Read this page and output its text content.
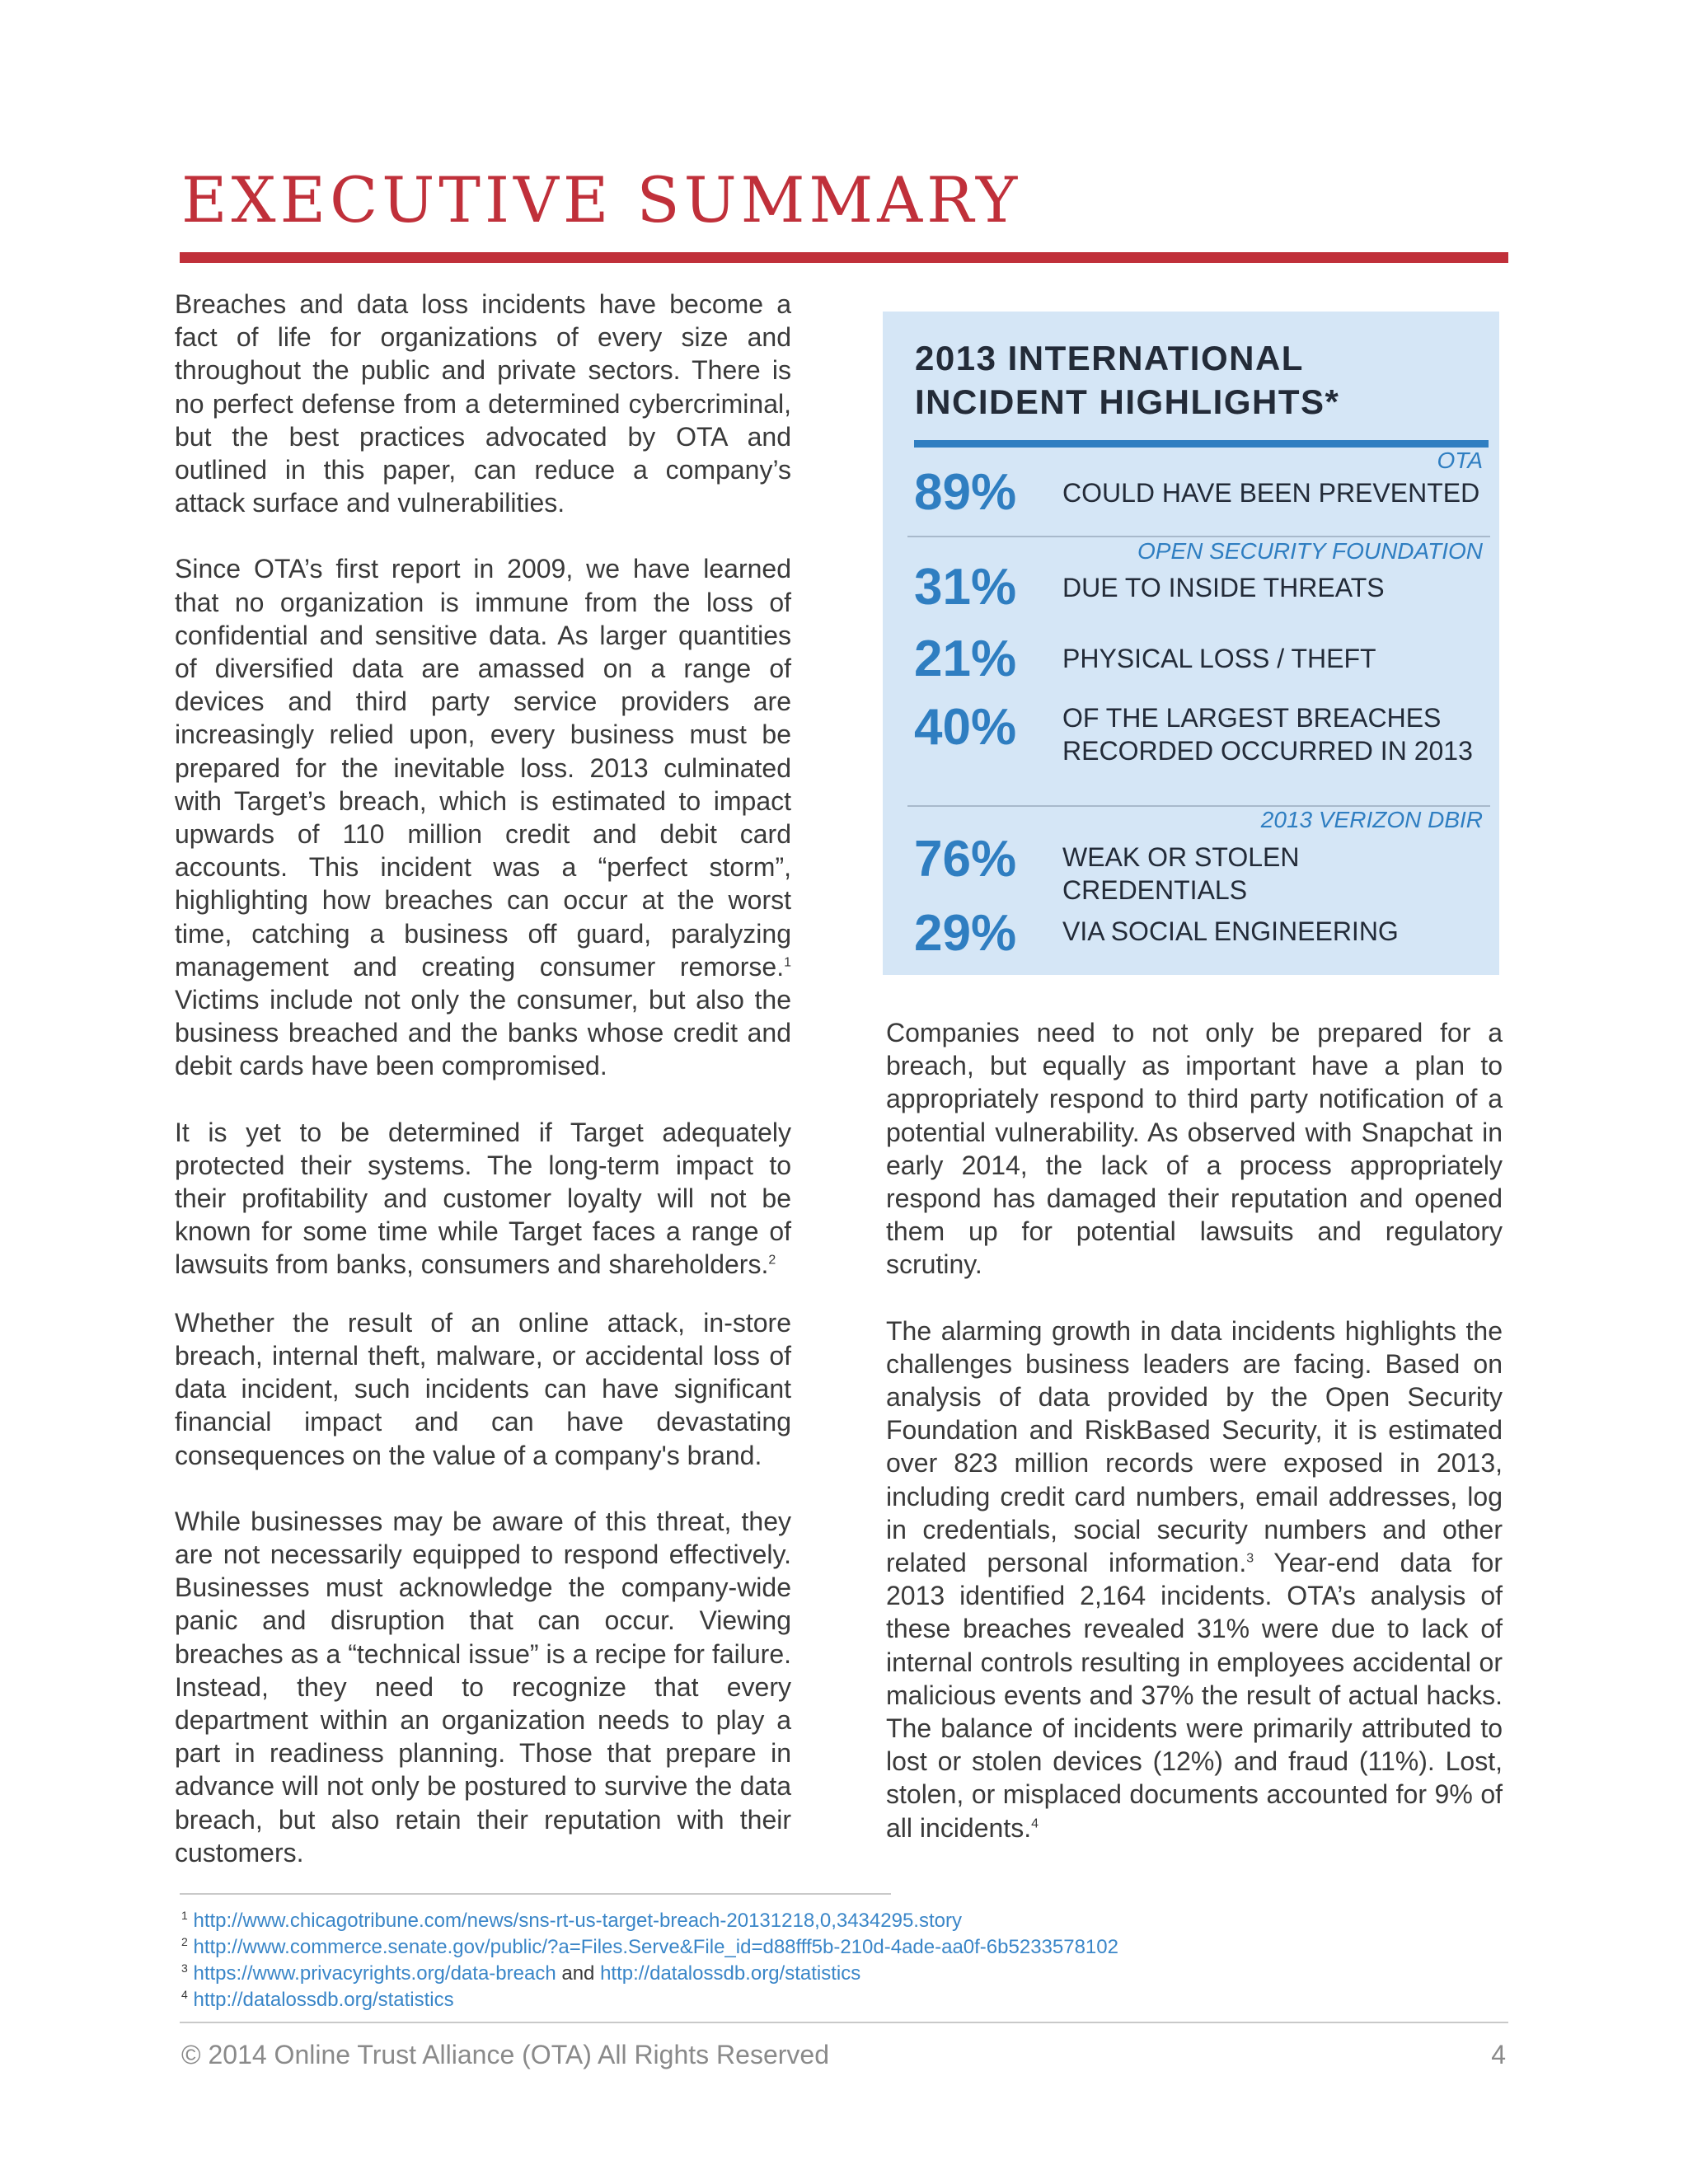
EXECUTIVE SUMMARY

Breaches and data loss incidents have become a fact of life for organizations of every size and throughout the public and private sectors. There is no perfect defense from a determined cybercriminal, but the best practices advocated by OTA and outlined in this paper, can reduce a company’s attack surface and vulnerabilities.

Since OTA’s first report in 2009, we have learned that no organization is immune from the loss of confidential and sensitive data. As larger quantities of diversified data are amassed on a range of devices and third party service providers are increasingly relied upon, every business must be prepared for the inevitable loss. 2013 culminated with Target’s breach, which is estimated to impact upwards of 110 million credit and debit card accounts. This incident was a “perfect storm”, highlighting how breaches can occur at the worst time, catching a business off guard, paralyzing management and creating consumer remorse.$^1$ Victims include not only the consumer, but also the business breached and the banks whose credit and debit cards have been compromised.

It is yet to be determined if Target adequately protected their systems. The long-term impact to their profitability and customer loyalty will not be known for some time while Target faces a range of lawsuits from banks, consumers and shareholders.$^2$

Whether the result of an online attack, in-store breach, internal theft, malware, or accidental loss of data incident, such incidents can have significant financial impact and can have devastating consequences on the value of a company's brand.

While businesses may be aware of this threat, they are not necessarily equipped to respond effectively. Businesses must acknowledge the company-wide panic and disruption that can occur. Viewing breaches as a “technical issue” is a recipe for failure. Instead, they need to recognize that every department within an organization needs to play a part in readiness planning. Those that prepare in advance will not only be postured to survive the data breach, but also retain their reputation with their customers.

2013 INTERNATIONAL
INCIDENT HIGHLIGHTS*
OTA
89% COULD HAVE BEEN PREVENTED
OPEN SECURITY FOUNDATION
31% DUE TO INSIDE THREATS
21% PHYSICAL LOSS / THEFT
40% OF THE LARGEST BREACHES
RECORDED OCCURRED IN 2013
2013 VERIZON DBIR
76% WEAK OR STOLEN CREDENTIALS
29% VIA SOCIAL ENGINEERING

Companies need to not only be prepared for a breach, but equally as important have a plan to appropriately respond to third party notification of a potential vulnerability. As observed with Snapchat in early 2014, the lack of a process appropriately respond has damaged their reputation and opened them up for potential lawsuits and regulatory scrutiny.

The alarming growth in data incidents highlights the challenges business leaders are facing. Based on analysis of data provided by the Open Security Foundation and RiskBased Security, it is estimated over 823 million records were exposed in 2013, including credit card numbers, email addresses, log in credentials, social security numbers and other related personal information.$^3$ Year-end data for 2013 identified 2,164 incidents. OTA’s analysis of these breaches revealed 31% were due to lack of internal controls resulting in employees accidental or malicious events and 37% the result of actual hacks. The balance of incidents were primarily attributed to lost or stolen devices (12%) and fraud (11%). Lost, stolen, or misplaced documents accounted for 9% of all incidents.$^4$

$^1$ http://www.chicagotribune.com/news/sns-rt-us-target-breach-20131218,0,3434295.story
$^2$ http://www.commerce.senate.gov/public/?a=Files.Serve&File_id=d88fff5b-210d-4ade-aa0f-6b5233578102
$^3$ https://www.privacyrights.org/data-breach and http://datalossdb.org/statistics
$^4$ http://datalossdb.org/statistics
© 2014 Online Trust Alliance (OTA) All Rights Reserved	4
